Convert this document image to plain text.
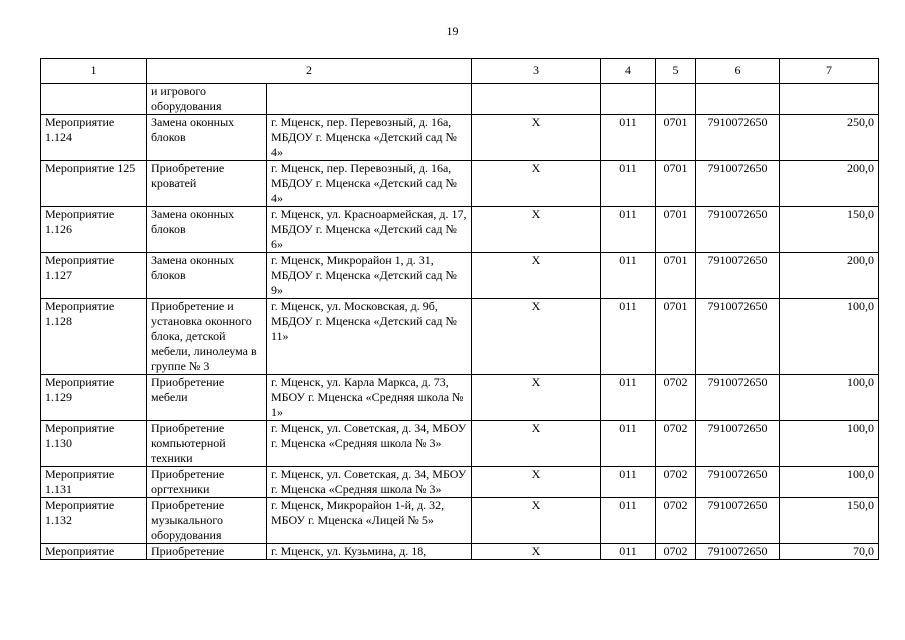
19
1	2		3	4	5	6	7
	и игрового оборудования						
Мероприятие 1.124	Замена оконных блоков	г. Мценск, пер. Перевозный, д. 16а, МБДОУ г. Мценска «Детский сад № 4»	X	011	0701	7910072650	250,0
Мероприятие 125	Приобретение кроватей	г. Мценск, пер. Перевозный, д. 16а, МБДОУ г. Мценска «Детский сад № 4»	X	011	0701	7910072650	200,0
Мероприятие 1.126	Замена оконных блоков	г. Мценск, ул. Красноармейская, д. 17, МБДОУ г. Мценска «Детский сад № 6»	X	011	0701	7910072650	150,0
Мероприятие 1.127	Замена оконных блоков	г. Мценск, Микрорайон 1, д. 31, МБДОУ г. Мценска «Детский сад № 9»	X	011	0701	7910072650	200,0
Мероприятие 1.128	Приобретение и установка оконного блока, детской мебели, линолеума в группе № 3	г. Мценск, ул. Московская, д. 9б, МБДОУ г. Мценска «Детский сад № 11»	X	011	0701	7910072650	100,0
Мероприятие 1.129	Приобретение мебели	г. Мценск, ул. Карла Маркса, д. 73, МБОУ г. Мценска «Средняя школа № 1»	X	011	0702	7910072650	100,0
Мероприятие 1.130	Приобретение компьютерной техники	г. Мценск, ул. Советская, д. 34, МБОУ г. Мценска «Средняя школа № 3»	X	011	0702	7910072650	100,0
Мероприятие 1.131	Приобретение оргтехники	г. Мценск, ул. Советская, д. 34, МБОУ г. Мценска «Средняя школа № 3»	X	011	0702	7910072650	100,0
Мероприятие 1.132	Приобретение музыкального оборудования	г. Мценск, Микрорайон 1-й, д. 32, МБОУ г. Мценска «Лицей № 5»	X	011	0702	7910072650	150,0
Мероприятие	Приобретение	г. Мценск, ул. Кузьмина, д. 18,	X	011	0702	7910072650	70,0
